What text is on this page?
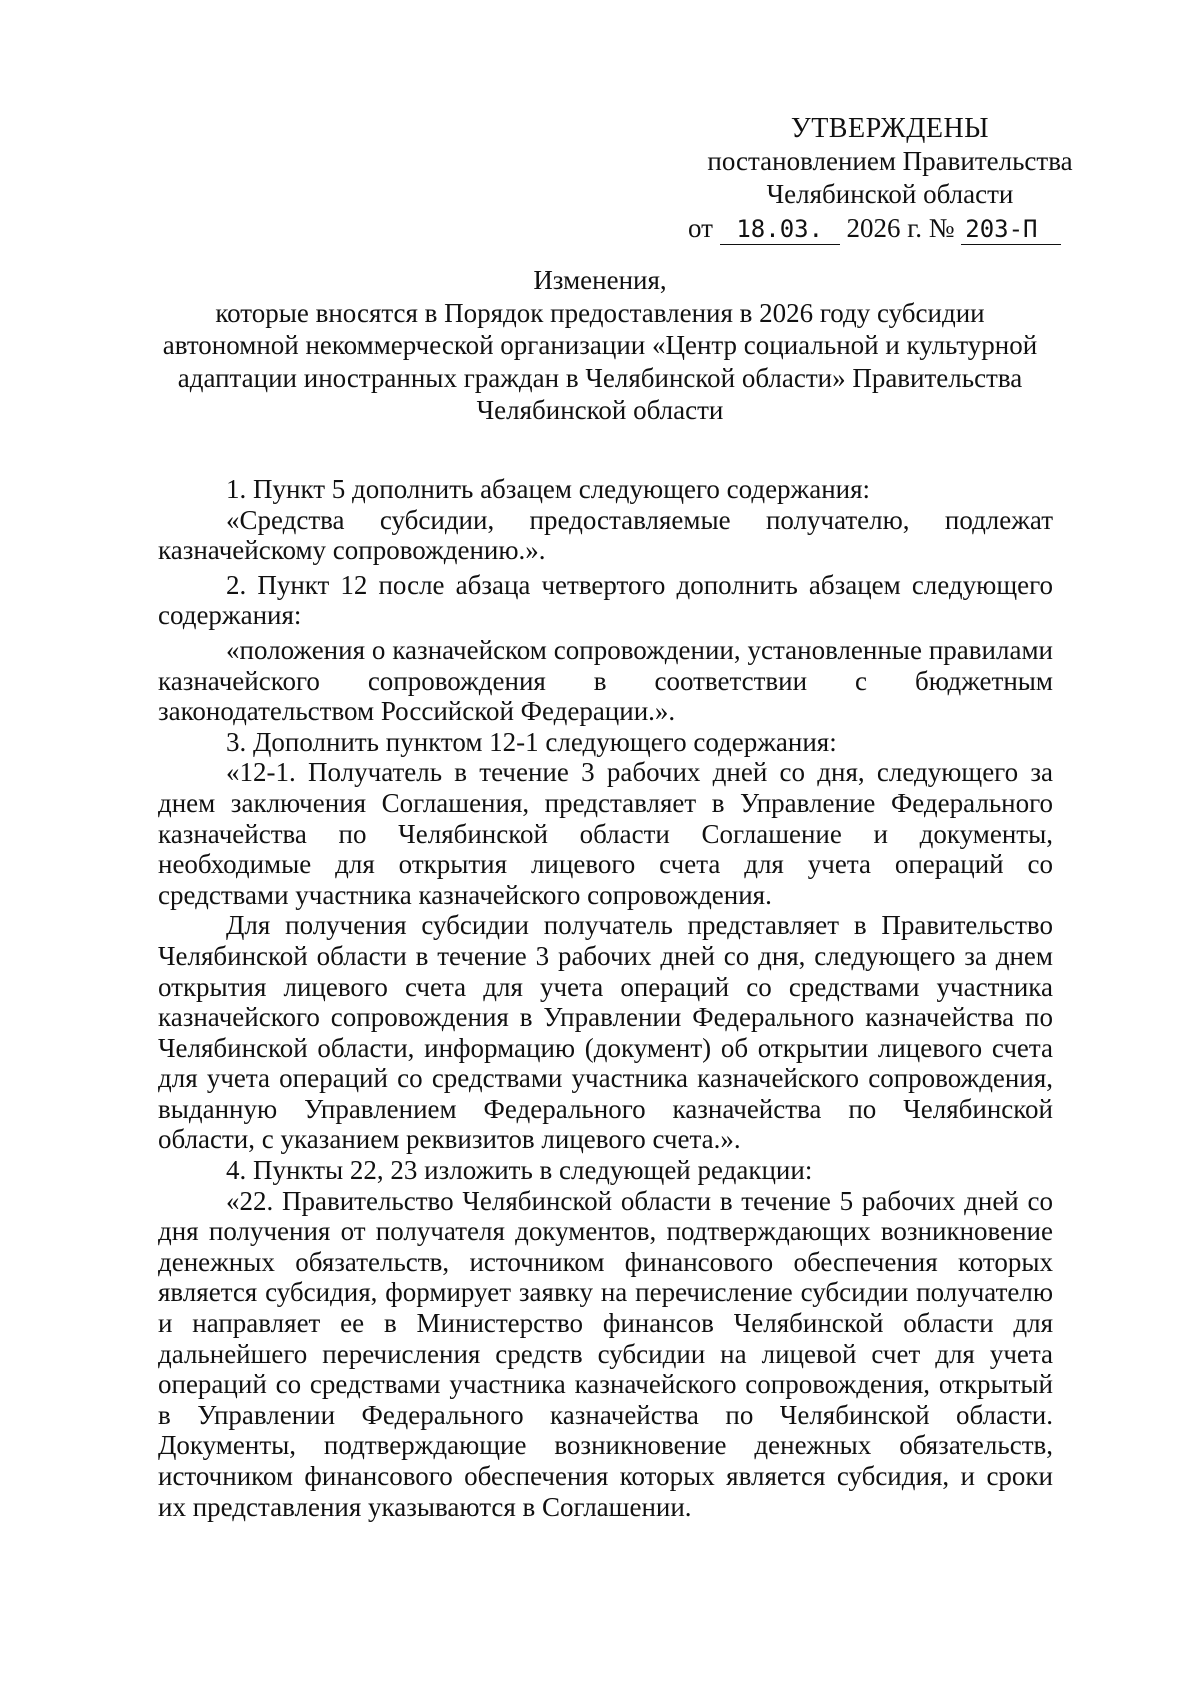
УТВЕРЖДЕНЫ
постановлением Правительства
Челябинской области
от 18.03. 2026 г. № 203-П
Изменения,
которые вносятся в Порядок предоставления в 2026 году субсидии автономной некоммерческой организации «Центр социальной и культурной адаптации иностранных граждан в Челябинской области» Правительства Челябинской области

1. Пункт 5 дополнить абзацем следующего содержания:

«Средства субсидии, предоставляемые получателю, подлежат казначейскому сопровождению.».

2. Пункт 12 после абзаца четвертого дополнить абзацем следующего содержания:

«положения о казначейском сопровождении, установленные правилами казначейского сопровождения в соответствии с бюджетным законодательством Российской Федерации.».

3. Дополнить пунктом 12-1 следующего содержания:

«12-1. Получатель в течение 3 рабочих дней со дня, следующего за днем заключения Соглашения, представляет в Управление Федерального казначейства по Челябинской области Соглашение и документы, необходимые для открытия лицевого счета для учета операций со средствами участника казначейского сопровождения.

Для получения субсидии получатель представляет в Правительство Челябинской области в течение 3 рабочих дней со дня, следующего за днем открытия лицевого счета для учета операций со средствами участника казначейского сопровождения в Управлении Федерального казначейства по Челябинской области, информацию (документ) об открытии лицевого счета для учета операций со средствами участника казначейского сопровождения, выданную Управлением Федерального казначейства по Челябинской области, с указанием реквизитов лицевого счета.».

4. Пункты 22, 23 изложить в следующей редакции:

«22. Правительство Челябинской области в течение 5 рабочих дней со дня получения от получателя документов, подтверждающих возникновение денежных обязательств, источником финансового обеспечения которых является субсидия, формирует заявку на перечисление субсидии получателю и направляет ее в Министерство финансов Челябинской области для дальнейшего перечисления средств субсидии на лицевой счет для учета операций со средствами участника казначейского сопровождения, открытый в Управлении Федерального казначейства по Челябинской области. Документы, подтверждающие возникновение денежных обязательств, источником финансового обеспечения которых является субсидия, и сроки их представления указываются в Соглашении.
